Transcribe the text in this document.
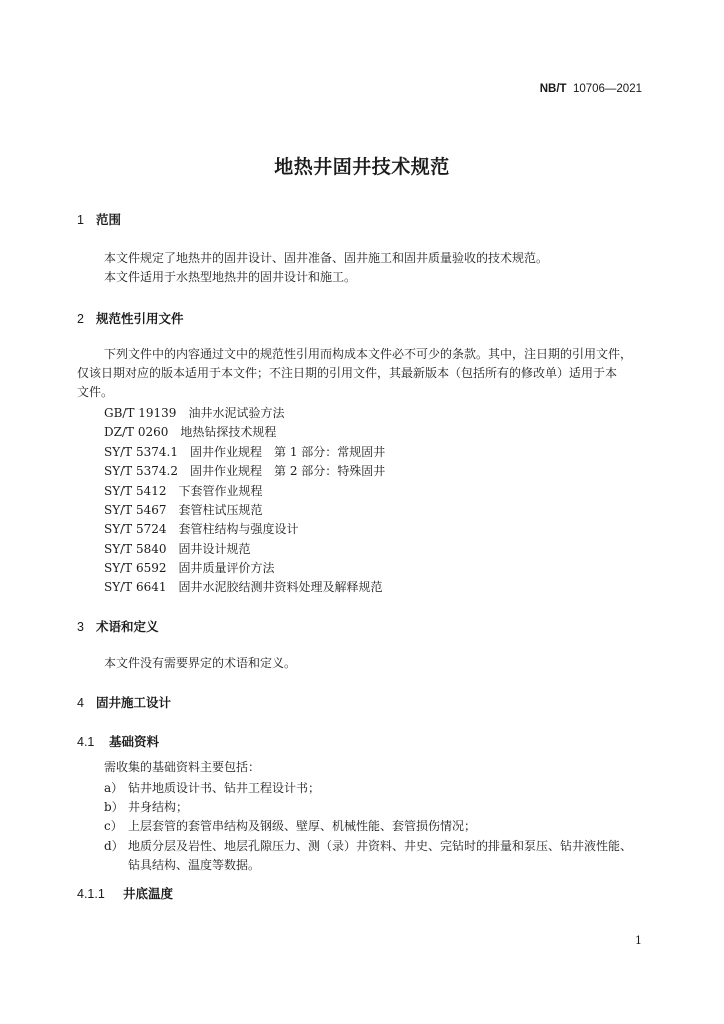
NB/T 10706—2021
地热井固井技术规范
1 范围
本文件规定了地热井的固井设计、固井准备、固井施工和固井质量验收的技术规范。
本文件适用于水热型地热井的固井设计和施工。
2 规范性引用文件
下列文件中的内容通过文中的规范性引用而构成本文件必不可少的条款。其中，注日期的引用文件，
仅该日期对应的版本适用于本文件；不注日期的引用文件，其最新版本（包括所有的修改单）适用于本
文件。
GB/T 19139 油井水泥试验方法
DZ/T 0260 地热钻探技术规程
SY/T 5374.1 固井作业规程　第 1 部分：常规固井
SY/T 5374.2 固井作业规程　第 2 部分：特殊固井
SY/T 5412 下套管作业规程
SY/T 5467 套管柱试压规范
SY/T 5724 套管柱结构与强度设计
SY/T 5840 固井设计规范
SY/T 6592 固井质量评价方法
SY/T 6641 固井水泥胶结测井资料处理及解释规范
3 术语和定义
本文件没有需要界定的术语和定义。
4 固井施工设计
4.1 基础资料
需收集的基础资料主要包括：
a） 钻井地质设计书、钻井工程设计书；
b） 井身结构；
c） 上层套管的套管串结构及钢级、壁厚、机械性能、套管损伤情况；
d） 地质分层及岩性、地层孔隙压力、测（录）井资料、井史、完钻时的排量和泵压、钻井液性能、
钻具结构、温度等数据。
4.1.1 井底温度
1
